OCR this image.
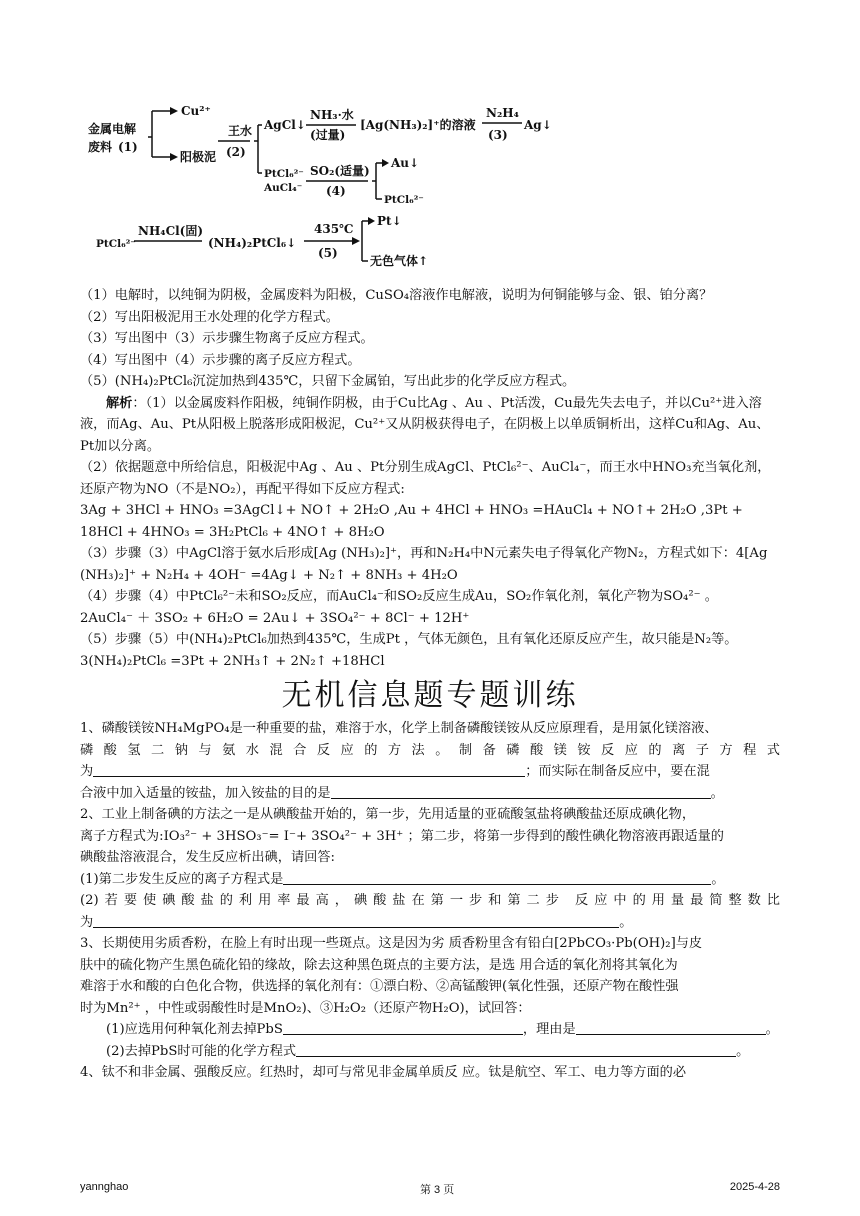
金属电解
废料 (1)
Cu²⁺
阳极泥
王水
(2)
AgCl↓
PtCl₆²⁻
AuCl₄⁻
NH₃·水
(过量)
[Ag(NH₃)₂]⁺的溶液
N₂H₄
(3)
Ag↓
SO₂(适量)
(4)
Au↓
PtCl₆²⁻
PtCl₆²⁻
NH₄Cl(固)
(NH₄)₂PtCl₆↓
435℃
(5)
Pt↓
无色气体↑

（1）电解时，以纯铜为阴极，金属废料为阳极，CuSO₄溶液作电解液，说明为何铜能够与金、银、铂分离？

（2）写出阳极泥用王水处理的化学方程式。

（3）写出图中（3）示步骤生物离子反应方程式。

（4）写出图中（4）示步骤的离子反应方程式。

（5）(NH₄)₂PtCl₆沉淀加热到435℃，只留下金属铂，写出此步的化学反应方程式。

解析：（1）以金属废料作阳极，纯铜作阴极，由于Cu比Ag 、Au 、Pt活泼，Cu最先失去电子，并以Cu²⁺进入溶液，而Ag、Au、Pt从阳极上脱落形成阳极泥，Cu²⁺又从阴极获得电子，在阴极上以单质铜析出，这样Cu和Ag、Au、Pt加以分离。

（2）依据题意中所给信息，阳极泥中Ag 、Au 、Pt分别生成AgCl、PtCl₆²⁻、AuCl₄⁻，而王水中HNO₃充当氧化剂，还原产物为NO（不是NO₂），再配平得如下反应方程式:

3Ag + 3HCl + HNO₃ =3AgCl↓+ NO↑ + 2H₂O ,Au + 4HCl + HNO₃ =HAuCl₄ + NO↑+ 2H₂O ,3Pt + 18HCl + 4HNO₃ = 3H₂PtCl₆ + 4NO↑ + 8H₂O

（3）步骤（3）中AgCl溶于氨水后形成[Ag (NH₃)₂]⁺，再和N₂H₄中N元素失电子得氧化产物N₂，方程式如下：4[Ag (NH₃)₂]⁺ + N₂H₄ + 4OH⁻ =4Ag↓ + N₂↑ + 8NH₃ + 4H₂O

（4）步骤（4）中PtCl₆²⁻未和SO₂反应，而AuCl₄⁻和SO₂反应生成Au，SO₂作氧化剂，氧化产物为SO₄²⁻ 。

2AuCl₄⁻ ＋ 3SO₂ + 6H₂O = 2Au↓ + 3SO₄²⁻ + 8Cl⁻ + 12H⁺

（5）步骤（5）中(NH₄)₂PtCl₆加热到435℃，生成Pt ，气体无颜色，且有氧化还原反应产生，故只能是N₂等。3(NH₄)₂PtCl₆ =3Pt + 2NH₃↑ + 2N₂↑ +18HCl

无机信息题专题训练

1、磷酸镁铵NH₄MgPO₄是一种重要的盐，难溶于水，化学上制备磷酸镁铵从反应原理看，是用氯化镁溶液、

磷 酸 氢 二 钠 与 氨 水 混 合 反 应 的 方 法 。 制 备 磷 酸 镁 铵 反 应 的 离 子 方 程 式

为	；而实际在制备反应中，要在混

合液中加入适量的铵盐，加入铵盐的目的是	。

2、工业上制备碘的方法之一是从碘酸盐开始的，第一步，先用适量的亚硫酸氢盐将碘酸盐还原成碘化物，

离子方程式为:IO₃²⁻ + 3HSO₃⁻= I⁻+ 3SO₄²⁻ + 3H⁺ ；第二步，将第一步得到的酸性碘化物溶液再跟适量的

碘酸盐溶液混合，发生反应析出碘，请回答:

(1)第二步发生反应的离子方程式是	。

(2)若要使碘酸盐的利用率最高，碘酸盐在第一步和第二步 反应中的用量最简整数比

为	。

3、长期使用劣质香粉，在脸上有时出现一些斑点。这是因为劣 质香粉里含有铅白[2PbCO₃·Pb(OH)₂]与皮

肤中的硫化物产生黑色硫化铅的缘故，除去这种黑色斑点的主要方法，是选 用合适的氧化剂将其氧化为

难溶于水和酸的白色化合物，供选择的氧化剂有：①漂白粉、②高锰酸钾(氧化性强，还原产物在酸性强

时为Mn²⁺ ，中性或弱酸性时是MnO₂)、③H₂O₂（还原产物H₂O)，试回答：

(1)应选用何种氧化剂去掉PbS	，理由是	。

(2)去掉PbS时可能的化学方程式	。

4、钛不和非金属、强酸反应。红热时，却可与常见非金属单质反 应。钛是航空、军工、电力等方面的必

yannghao	第 3 页	2025-4-28
